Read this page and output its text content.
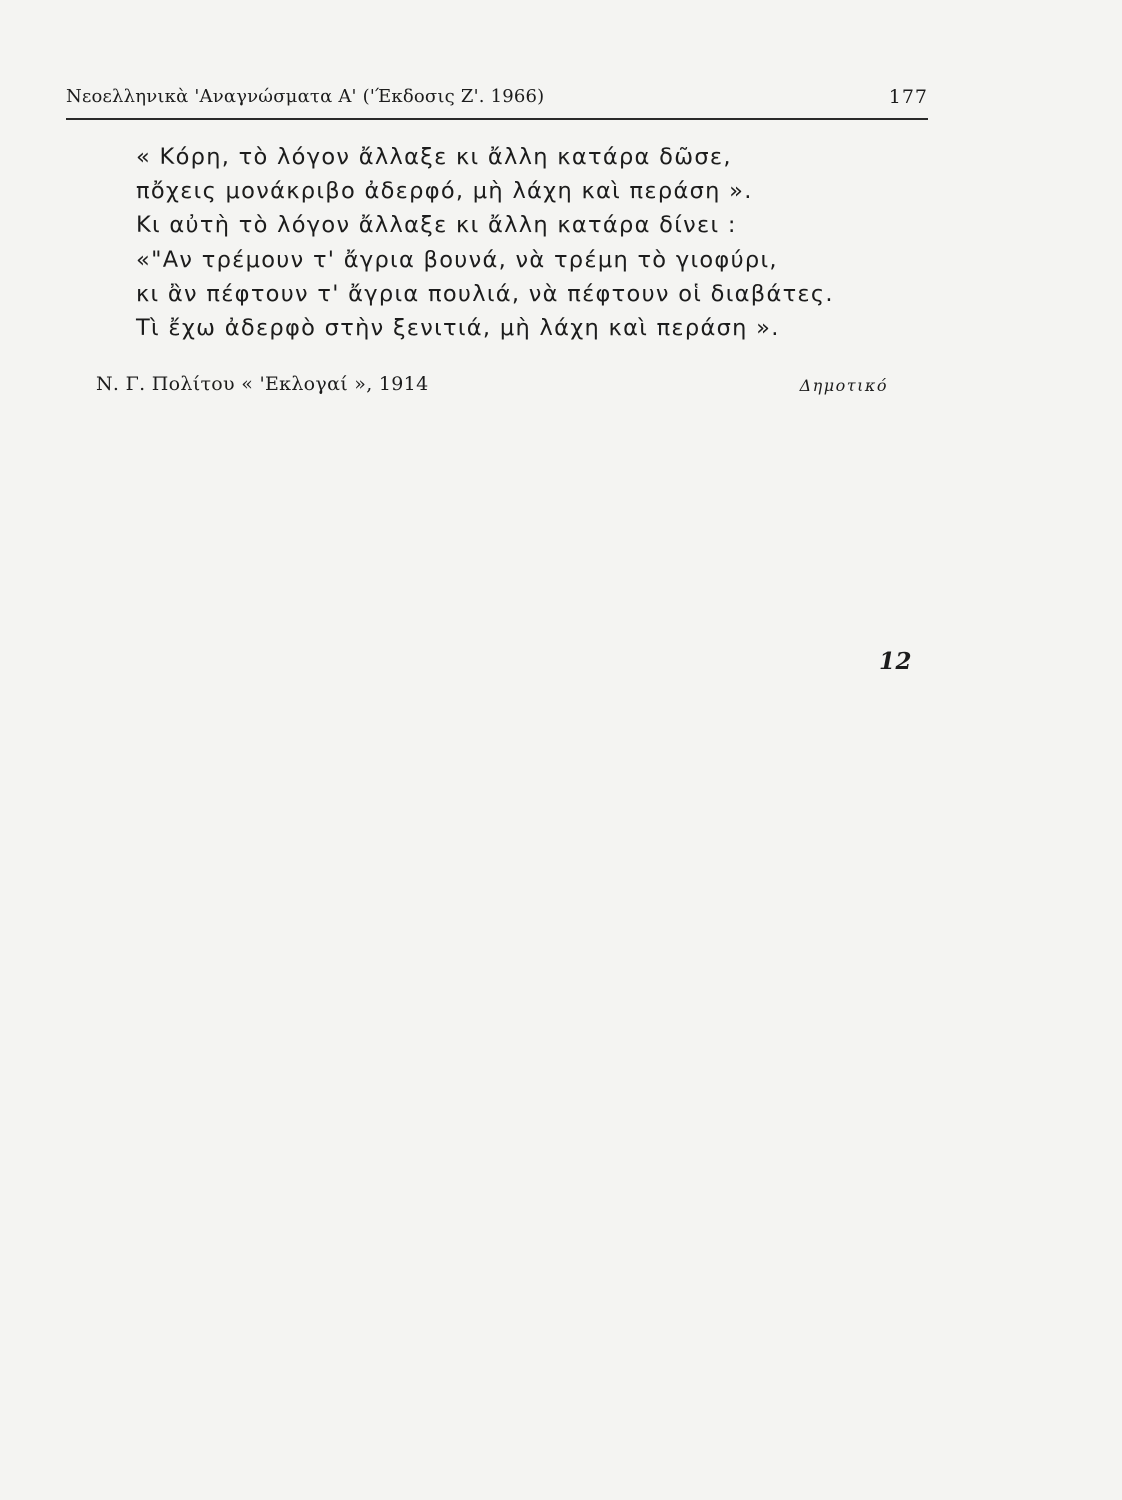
Νεοελληνικὰ 'Αναγνώσματα Α' ('Έκδοσις Ζ'. 1966)	177
« Κόρη, τὸ λόγον ἄλλαξε κι ἄλλη κατάρα δῶσε,
πὄχεις μονάκριβο ἀδερφό, μὴ λάχη καὶ περάση ».
Κι αὐτὴ τὸ λόγον ἄλλαξε κι ἄλλη κατάρα δίνει :
«"Αν τρέμουν τ' ἄγρια βουνά, νὰ τρέμη τὸ γιοφύρι,
κι ἂν πέφτουν τ' ἄγρια πουλιά, νὰ πέφτουν οἱ διαβάτες.
Τὶ ἔχω ἀδερφὸ στὴν ξενιτιά, μὴ λάχη καὶ περάση ».
Ν. Γ. Πολίτου « 'Εκλογαί », 1914	Δημοτικό
12
